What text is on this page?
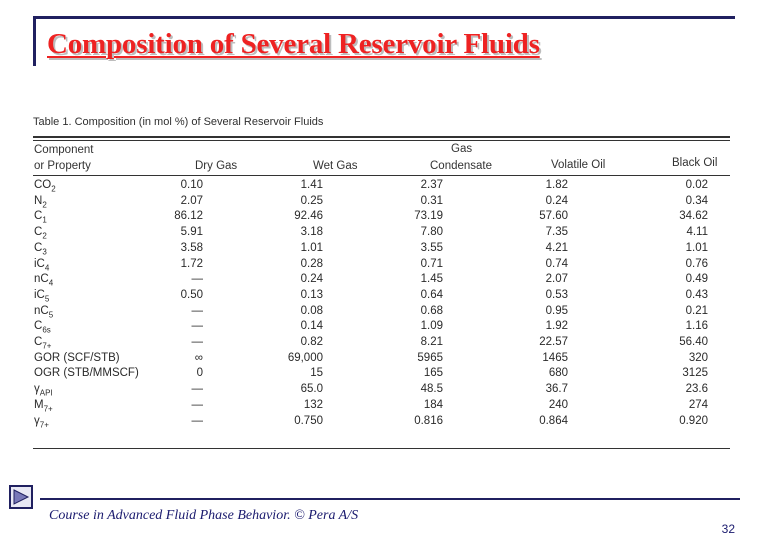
Composition of Several Reservoir Fluids
Table 1. Composition (in mol %) of Several Reservoir Fluids
Component
or Property
Gas
Dry Gas	Wet Gas	Condensate	Volatile Oil	Black Oil
$CO_2$	0.10	1.41	2.37	1.82	0.02
$N_2$	2.07	0.25	0.31	0.24	0.34
$C_1$	86.12	92.46	73.19	57.60	34.62
$C_2$	5.91	3.18	7.80	7.35	4.11
$C_3$	3.58	1.01	3.55	4.21	1.01
$iC_4$	1.72	0.28	0.71	0.74	0.76
$nC_4$	—	0.24	1.45	2.07	0.49
$iC_5$	0.50	0.13	0.64	0.53	0.43
$nC_5$	—	0.08	0.68	0.95	0.21
$C_{6s}$	—	0.14	1.09	1.92	1.16
$C_{7+}$	—	0.82	8.21	22.57	56.40
GOR (SCF/STB)	∞	69,000	5965	1465	320
OGR (STB/MMSCF)	0	15	165	680	3125
$\gamma_{API}$	—	65.0	48.5	36.7	23.6
$M_{7+}$	—	132	184	240	274
$\gamma_{7+}$	—	0.750	0.816	0.864	0.920
Course in Advanced Fluid Phase Behavior. © Pera A/S
32
